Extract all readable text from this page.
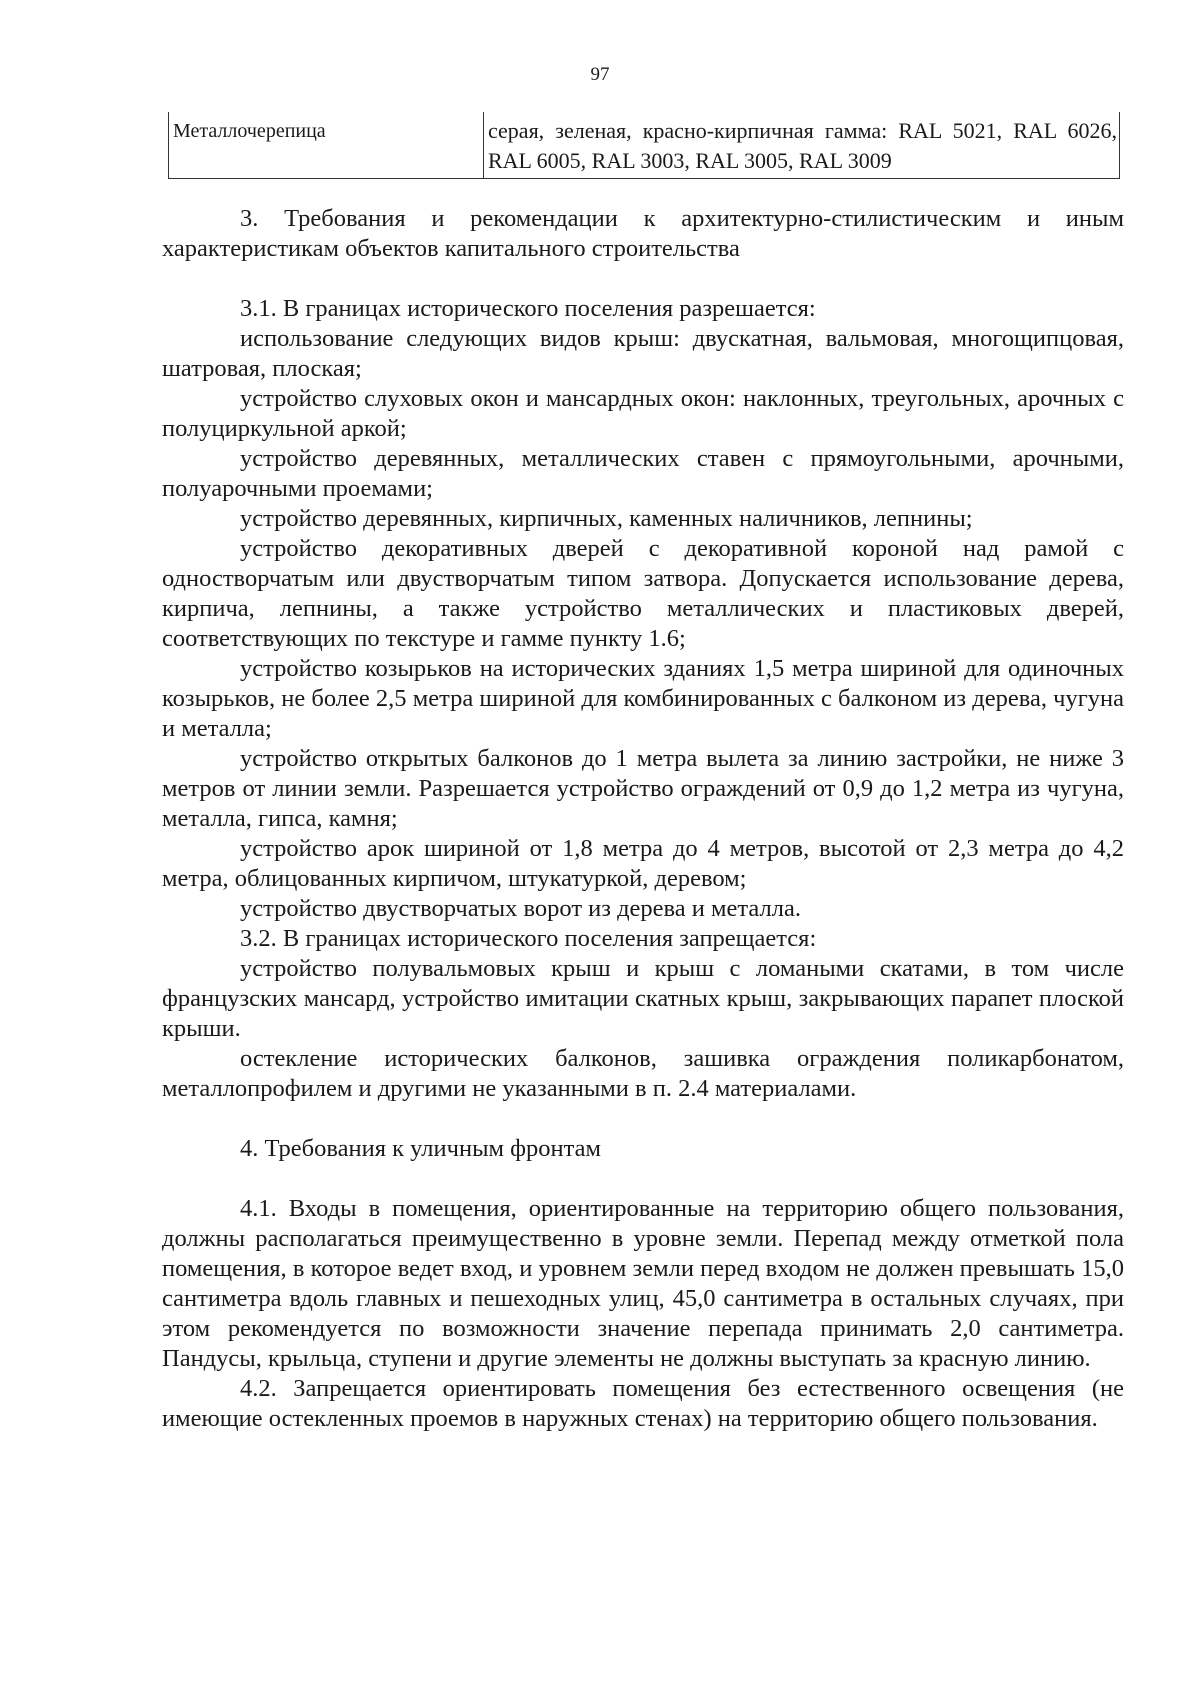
97
Металлочерепица	серая, зеленая, красно-кирпичная гамма: RAL 5021, RAL 6026, RAL 6005, RAL 3003, RAL 3005, RAL 3009

3. Требования и рекомендации к архитектурно-стилистическим и иным характеристикам объектов капитального строительства

3.1. В границах исторического поселения разрешается:

использование следующих видов крыш: двускатная, вальмовая, многощипцовая, шатровая, плоская;

устройство слуховых окон и мансардных окон: наклонных, треугольных, арочных с полуциркульной аркой;

устройство деревянных, металлических ставен с прямоугольными, арочными, полуарочными проемами;

устройство деревянных, кирпичных, каменных наличников, лепнины;

устройство декоративных дверей с декоративной короной над рамой с одностворчатым или двустворчатым типом затвора. Допускается использование дерева, кирпича, лепнины, а также устройство металлических и пластиковых дверей, соответствующих по текстуре и гамме пункту 1.6;

устройство козырьков на исторических зданиях 1,5 метра шириной для одиночных козырьков, не более 2,5 метра шириной для комбинированных с балконом из дерева, чугуна и металла;

устройство открытых балконов до 1 метра вылета за линию застройки, не ниже 3 метров от линии земли. Разрешается устройство ограждений от 0,9 до 1,2 метра из чугуна, металла, гипса, камня;

устройство арок шириной от 1,8 метра до 4 метров, высотой от 2,3 метра до 4,2 метра, облицованных кирпичом, штукатуркой, деревом;

устройство двустворчатых ворот из дерева и металла.

3.2. В границах исторического поселения запрещается:

устройство полувальмовых крыш и крыш с ломаными скатами, в том числе французских мансард, устройство имитации скатных крыш, закрывающих парапет плоской крыши.

остекление исторических балконов, зашивка ограждения поликарбонатом, металлопрофилем и другими не указанными в п. 2.4 материалами.

4. Требования к уличным фронтам

4.1. Входы в помещения, ориентированные на территорию общего пользования, должны располагаться преимущественно в уровне земли. Перепад между отметкой пола помещения, в которое ведет вход, и уровнем земли перед входом не должен превышать 15,0 сантиметра вдоль главных и пешеходных улиц, 45,0 сантиметра в остальных случаях, при этом рекомендуется по возможности значение перепада принимать 2,0 сантиметра. Пандусы, крыльца, ступени и другие элементы не должны выступать за красную линию.

4.2. Запрещается ориентировать помещения без естественного освещения (не имеющие остекленных проемов в наружных стенах) на территорию общего пользования.
